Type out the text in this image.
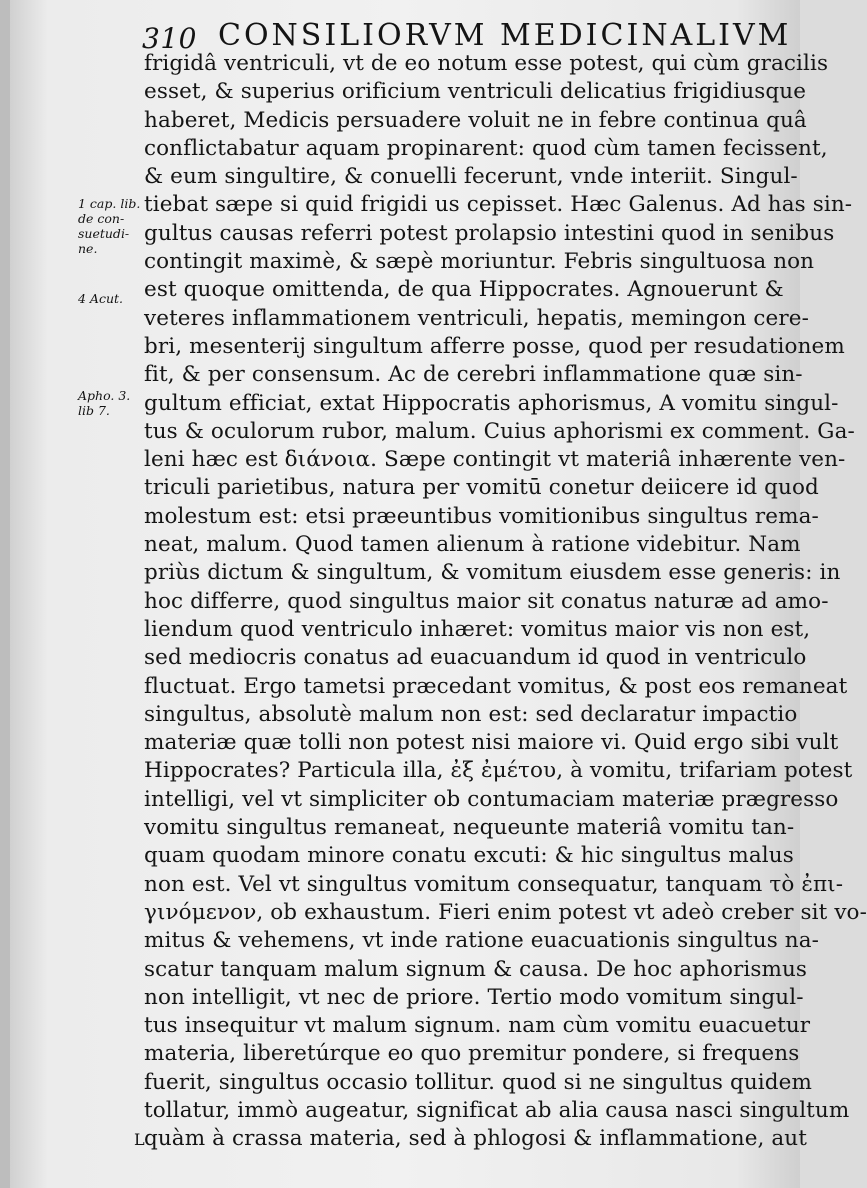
310 CONSILIORVM MEDICINALIVM
1 cap. lib.
de con-
suetudi-
ne.
4 Acut.
Apho. 3.
lib 7.
frigidâ ventriculi, vt de eo notum esse potest, qui cùm gracilis
esset, & superius orificium ventriculi delicatius frigidiusque
haberet, Medicis persuadere voluit ne in febre continua quâ
conflictabatur aquam propinarent: quod cùm tamen fecissent,
& eum singultire, & conuelli fecerunt, vnde interiit. Singul-
tiebat sæpe si quid frigidi us cepisset. Hæc Galenus. Ad has sin-
gultus causas referri potest prolapsio intestini quod in senibus
contingit maximè, & sæpè moriuntur. Febris singultuosa non
est quoque omittenda, de qua Hippocrates. Agnouerunt &
veteres inflammationem ventriculi, hepatis, memingon cere-
bri, mesenterij singultum afferre posse, quod per resudationem
fit, & per consensum. Ac de cerebri inflammatione quæ sin-
gultum efficiat, extat Hippocratis aphorismus, A vomitu singul-
tus & oculorum rubor, malum. Cuius aphorismi ex comment. Ga-
leni hæc est διάνοια. Sæpe contingit vt materiâ inhærente ven-
triculi parietibus, natura per vomitū conetur deiicere id quod
molestum est: etsi præeuntibus vomitionibus singultus rema-
neat, malum. Quod tamen alienum à ratione videbitur. Nam
priùs dictum & singultum, & vomitum eiusdem esse generis: in
hoc differre, quod singultus maior sit conatus naturæ ad amo-
liendum quod ventriculo inhæret: vomitus maior vis non est,
sed mediocris conatus ad euacuandum id quod in ventriculo
fluctuat. Ergo tametsi præcedant vomitus, & post eos remaneat
singultus, absolutè malum non est: sed declaratur impactio
materiæ quæ tolli non potest nisi maiore vi. Quid ergo sibi vult
Hippocrates? Particula illa, ἐξ ἐμέτου, à vomitu, trifariam potest
intelligi, vel vt simpliciter ob contumaciam materiæ prægresso
vomitu singultus remaneat, nequeunte materiâ vomitu tan-
quam quodam minore conatu excuti: & hic singultus malus
non est. Vel vt singultus vomitum consequatur, tanquam τὸ ἐπι-
γινόμενον, ob exhaustum. Fieri enim potest vt adeò creber sit vo-
mitus & vehemens, vt inde ratione euacuationis singultus na-
scatur tanquam malum signum & causa. De hoc aphorismus
non intelligit, vt nec de priore. Tertio modo vomitum singul-
tus insequitur vt malum signum. nam cùm vomitu euacuetur
materia, liberetúrque eo quo premitur pondere, si frequens
fuerit, singultus occasio tollitur. quod si ne singultus quidem
tollatur, immò augeatur, significat ab alia causa nasci singultum
quàm à crassa materia, sed à phlogosi & inflammatione, aut
L
